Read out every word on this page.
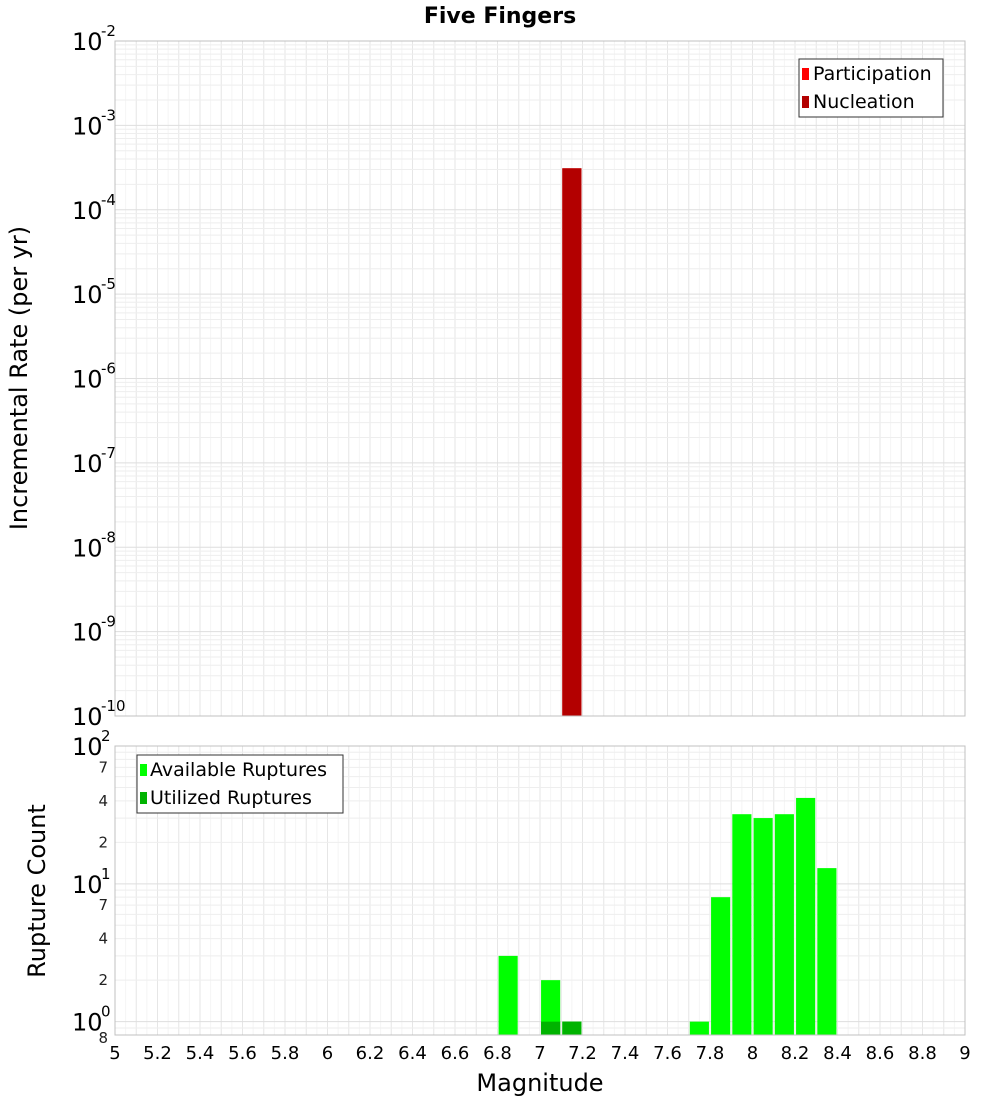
Five Fingers
10
-10
10
-9
10
-8
10
-7
10
-6
10
-5
10
-4
10
-3
10
-2
Incremental Rate (per yr)
Participation
Nucleation
10
0
10
1
10
2
8
2
4
7
2
4
7
5 5.2 5.4 5.6 5.8 6 6.2 6.4 6.6 6.8 7 7.2 7.4 7.6 7.8 8 8.2 8.4 8.6 8.8 9
Rupture Count
Magnitude
Available Ruptures
Utilized Ruptures
